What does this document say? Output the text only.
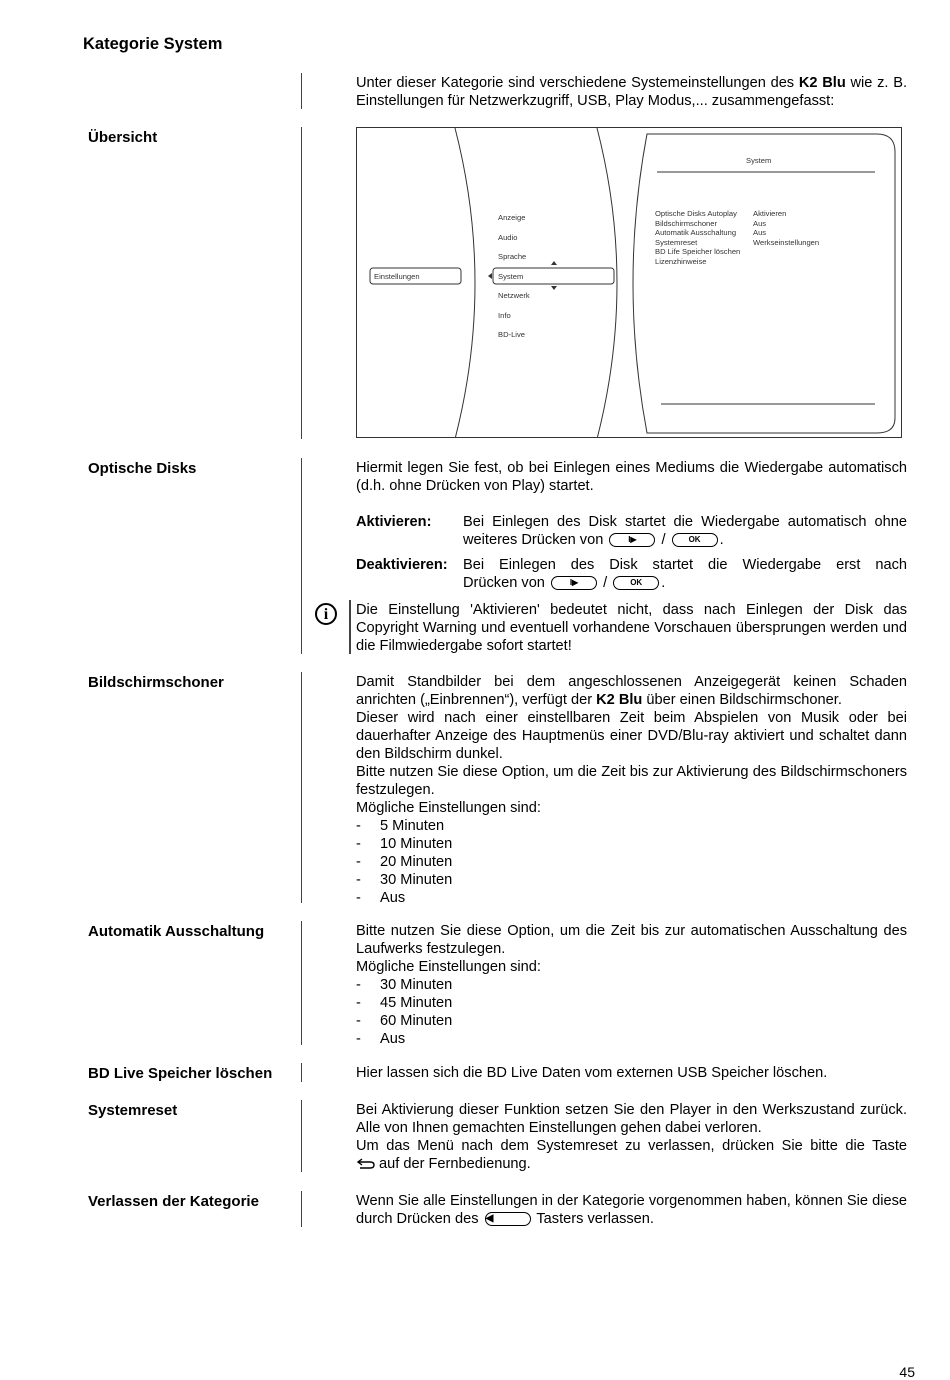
Kategorie System

Unter dieser Kategorie sind verschiedene Systemeinstellungen des K2 Blu wie z. B. Einstellungen für Netzwerkzugriff, USB, Play Modus,... zusammengefasst:

Übersicht
Einstellungen
Anzeige
Audio
Sprache
System
Netzwerk
Info
BD-Live
System
Optische Disks Autoplay
Bildschirmschoner
Automatik Ausschaltung
Systemreset
BD Life Speicher löschen
Lizenzhinweise
Aktivieren
Aus
Aus
Werkseinstellungen
Optische Disks	Hiermit legen Sie fest, ob bei Einlegen eines Mediums die Wiedergabe automatisch (d.h. ohne Drücken von Play) startet.

Aktivieren:	Bei Einlegen des Disk startet die Wiedergabe automatisch ohne
weiteres Drücken von	I▶ /	OK .
Deaktivieren:	Bei Einlegen des Disk startet die Wiedergabe erst nach
Drücken von	I▶ /	OK .
i	Die Einstellung 'Aktivieren' bedeutet nicht, dass nach Einlegen der Disk das Copyright Warning und eventuell vorhandene Vorschauen übersprungen werden und die Filmwiedergabe sofort startet!

Bildschirmschoner	Damit Standbilder bei dem angeschlossenen Anzeigegerät keinen Schaden anrichten („Einbrennen“), verfügt der K2 Blu über einen Bildschirmschoner.

Dieser wird nach einer einstellbaren Zeit beim Abspielen von Musik oder bei dauerhafter Anzeige des Hauptmenüs einer DVD/Blu-ray aktiviert und schaltet dann den Bildschirm dunkel.

Bitte nutzen Sie diese Option, um die Zeit bis zur Aktivierung des Bildschirmschoners festzulegen.

Mögliche Einstellungen sind:

-	5 Minuten
-	10 Minuten
-	20 Minuten
-	30 Minuten
-	Aus
Automatik Ausschaltung	Bitte nutzen Sie diese Option, um die Zeit bis zur automatischen Ausschaltung des Laufwerks festzulegen.

Mögliche Einstellungen sind:

-	30 Minuten
-	45 Minuten
-	60 Minuten
-	Aus
BD Live Speicher löschen	Hier lassen sich die BD Live Daten vom externen USB Speicher löschen.

Systemreset	Bei Aktivierung dieser Funktion setzen Sie den Player in den Werkszustand zurück. Alle von Ihnen gemachten Einstellungen gehen dabei verloren.

Um das Menü nach dem Systemreset zu verlassen, drücken Sie bitte die Taste

auf der Fernbedienung.

Verlassen der Kategorie	Wenn Sie alle Einstellungen in der Kategorie vorgenommen haben, können Sie diese durch Drücken des ◀	Tasters verlassen.

45
